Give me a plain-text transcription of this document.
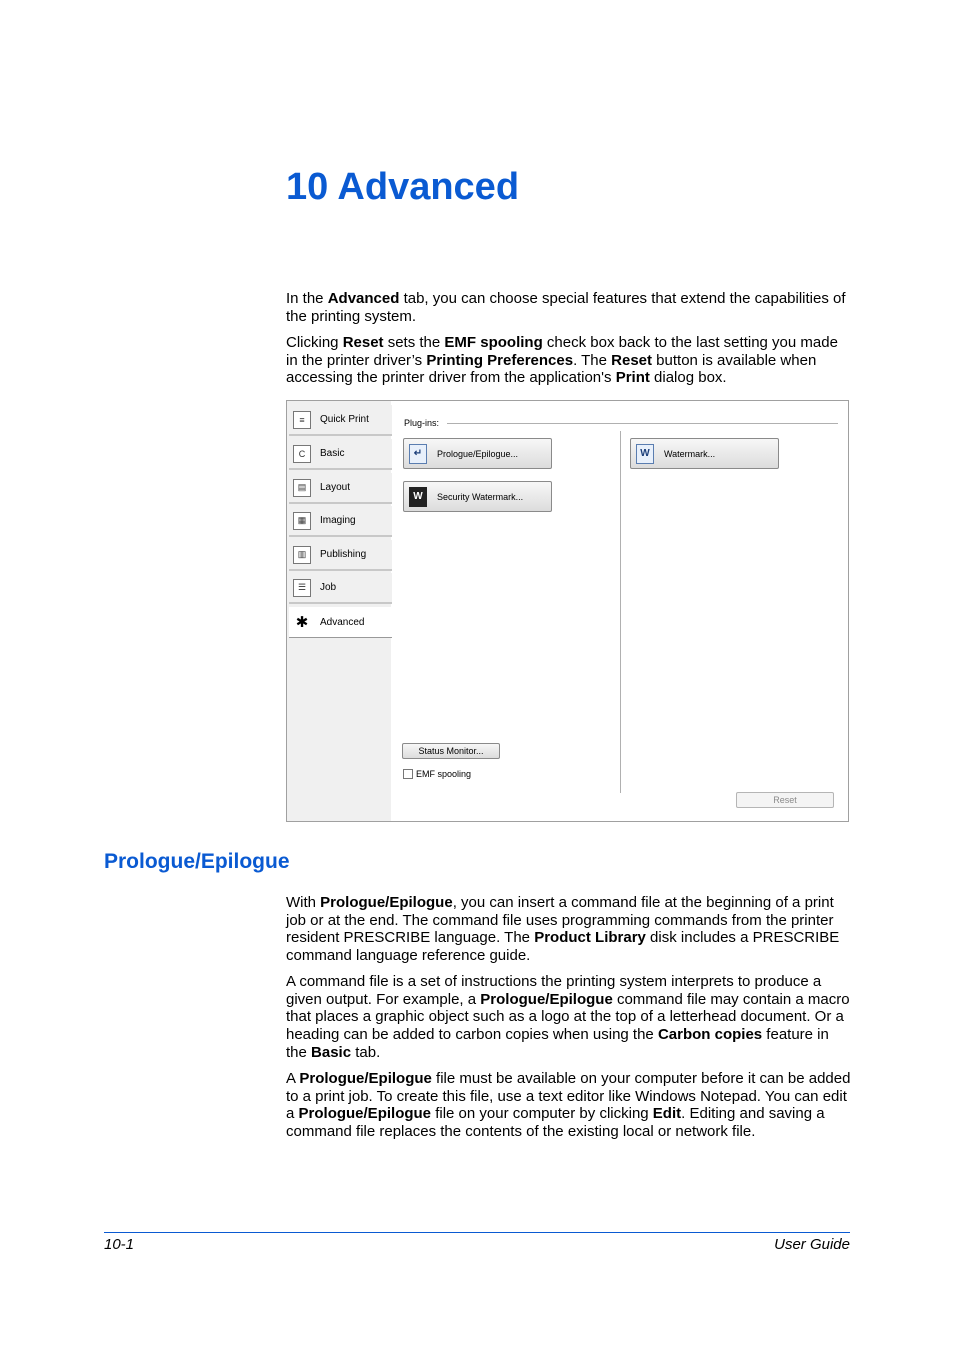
10 Advanced

In the Advanced tab, you can choose special features that extend the capabilities of the printing system.

Clicking Reset sets the EMF spooling check box back to the last setting you made in the printer driver’s Printing Preferences. The Reset button is available when accessing the printer driver from the application's Print dialog box.

≡	Quick Print
C	Basic
▤	Layout
▦	Imaging
▥	Publishing
☰	Job
✱ Advanced
Plug-ins:
↵	Prologue/Epilogue...
W	Security Watermark...
W	Watermark...
Status Monitor...
EMF spooling
Reset
Prologue/Epilogue

With Prologue/Epilogue, you can insert a command file at the beginning of a print job or at the end. The command file uses programming commands from the printer resident PRESCRIBE language. The Product Library disk includes a PRESCRIBE command language reference guide.

A command file is a set of instructions the printing system interprets to produce a given output. For example, a Prologue/Epilogue command file may contain a macro that places a graphic object such as a logo at the top of a letterhead document. Or a heading can be added to carbon copies when using the Carbon copies feature in the Basic tab.

A Prologue/Epilogue file must be available on your computer before it can be added to a print job. To create this file, use a text editor like Windows Notepad. You can edit a Prologue/Epilogue file on your computer by clicking Edit. Editing and saving a command file replaces the contents of the existing local or network file.

10-1	User Guide
